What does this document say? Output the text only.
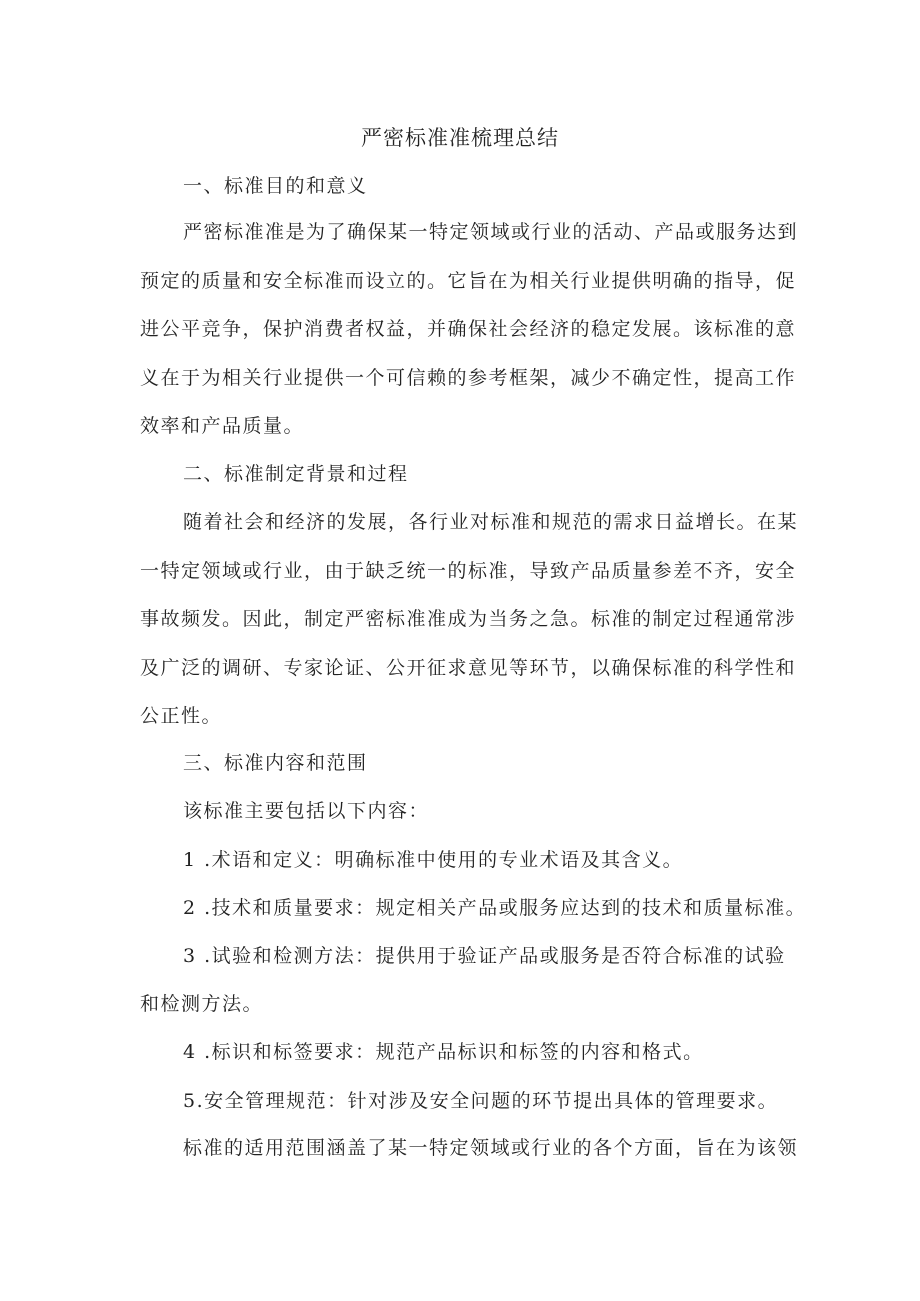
严密标准准梳理总结
一、标准目的和意义
严密标准准是为了确保某一特定领域或行业的活动、产品或服务达到
预定的质量和安全标准而设立的。它旨在为相关行业提供明确的指导，促
进公平竞争，保护消费者权益，并确保社会经济的稳定发展。该标准的意
义在于为相关行业提供一个可信赖的参考框架，减少不确定性，提高工作
效率和产品质量。
二、标准制定背景和过程
随着社会和经济的发展，各行业对标准和规范的需求日益增长。在某
一特定领域或行业，由于缺乏统一的标准，导致产品质量参差不齐，安全
事故频发。因此，制定严密标准准成为当务之急。标准的制定过程通常涉
及广泛的调研、专家论证、公开征求意见等环节，以确保标准的科学性和
公正性。
三、标准内容和范围
该标准主要包括以下内容：
1 .术语和定义：明确标准中使用的专业术语及其含义。
2 .技术和质量要求：规定相关产品或服务应达到的技术和质量标准。
3 .试验和检测方法：提供用于验证产品或服务是否符合标准的试验
和检测方法。
4 .标识和标签要求：规范产品标识和标签的内容和格式。
5.安全管理规范：针对涉及安全问题的环节提出具体的管理要求。
标准的适用范围涵盖了某一特定领域或行业的各个方面，旨在为该领
